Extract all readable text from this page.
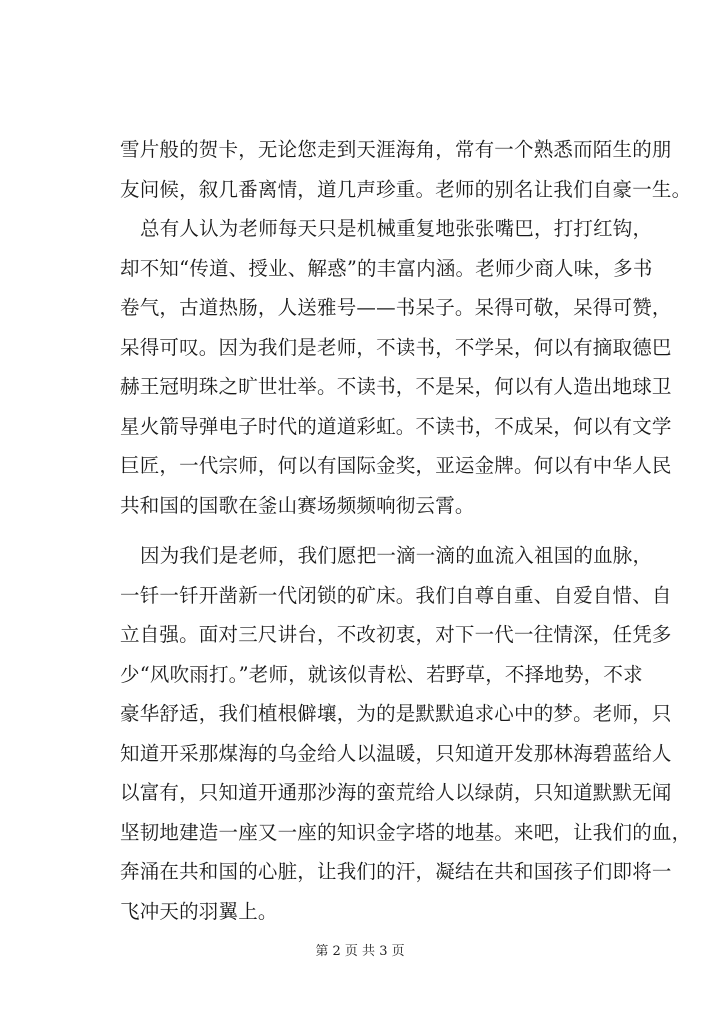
雪片般的贺卡，无论您走到天涯海角，常有一个熟悉而陌生的朋
友问候，叙几番离情，道几声珍重。老师的别名让我们自豪一生。
总有人认为老师每天只是机械重复地张张嘴巴，打打红钩，
却不知“传道、授业、解惑”的丰富内涵。老师少商人味，多书
卷气，古道热肠，人送雅号——书呆子。呆得可敬，呆得可赞，
呆得可叹。因为我们是老师，不读书，不学呆，何以有摘取德巴
赫王冠明珠之旷世壮举。不读书，不是呆，何以有人造出地球卫
星火箭导弹电子时代的道道彩虹。不读书，不成呆，何以有文学
巨匠，一代宗师，何以有国际金奖，亚运金牌。何以有中华人民
共和国的国歌在釜山赛场频频响彻云霄。
因为我们是老师，我们愿把一滴一滴的血流入祖国的血脉，
一钎一钎开凿新一代闭锁的矿床。我们自尊自重、自爱自惜、自
立自强。面对三尺讲台，不改初衷，对下一代一往情深，任凭多
少“风吹雨打。”老师，就该似青松、若野草，不择地势，不求
豪华舒适，我们植根僻壤，为的是默默追求心中的梦。老师，只
知道开采那煤海的乌金给人以温暖，只知道开发那林海碧蓝给人
以富有，只知道开通那沙海的蛮荒给人以绿荫，只知道默默无闻
坚韧地建造一座又一座的知识金字塔的地基。来吧，让我们的血，
奔涌在共和国的心脏，让我们的汗，凝结在共和国孩子们即将一
飞冲天的羽翼上。
第 2 页 共 3 页
